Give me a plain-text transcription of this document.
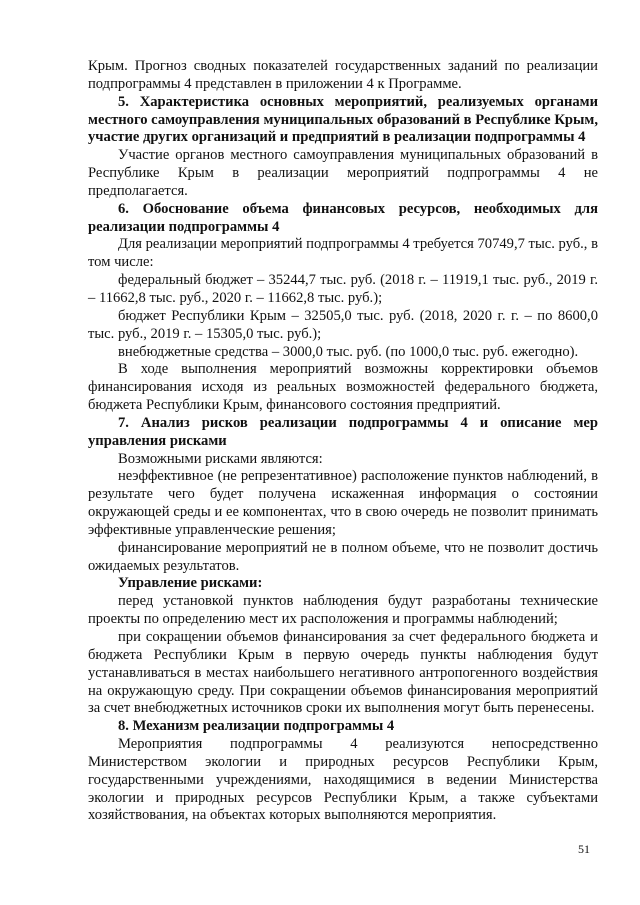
Крым. Прогноз сводных показателей государственных заданий по реализации подпрограммы 4 представлен в приложении 4 к Программе.

5. Характеристика основных мероприятий, реализуемых органами местного самоуправления муниципальных образований в Республике Крым, участие других организаций и предприятий в реализации подпрограммы 4

Участие органов местного самоуправления муниципальных образований в Республике Крым в реализации мероприятий подпрограммы 4 не предполагается.

6. Обоснование объема финансовых ресурсов, необходимых для реализации подпрограммы 4

Для реализации мероприятий подпрограммы 4 требуется 70749,7 тыс. руб., в том числе:

федеральный бюджет – 35244,7 тыс. руб. (2018 г. – 11919,1 тыс. руб., 2019 г. – 11662,8 тыс. руб., 2020 г. – 11662,8 тыс. руб.);

бюджет Республики Крым – 32505,0 тыс. руб. (2018, 2020 г. г. – по 8600,0 тыс. руб., 2019 г. – 15305,0 тыс. руб.);

внебюджетные средства – 3000,0 тыс. руб. (по 1000,0 тыс. руб. ежегодно).

В ходе выполнения мероприятий возможны корректировки объемов финансирования исходя из реальных возможностей федерального бюджета, бюджета Республики Крым, финансового состояния предприятий.

7. Анализ рисков реализации подпрограммы 4 и описание мер управления рисками

Возможными рисками являются:

неэффективное (не репрезентативное) расположение пунктов наблюдений, в результате чего будет получена искаженная информация о состоянии окружающей среды и ее компонентах, что в свою очередь не позволит принимать эффективные управленческие решения;

финансирование мероприятий не в полном объеме, что не позволит достичь ожидаемых результатов.

Управление рисками:

перед установкой пунктов наблюдения будут разработаны технические проекты по определению мест их расположения и программы наблюдений;

при сокращении объемов финансирования за счет федерального бюджета и бюджета Республики Крым в первую очередь пункты наблюдения будут устанавливаться в местах наибольшего негативного антропогенного воздействия на окружающую среду. При сокращении объемов финансирования мероприятий за счет внебюджетных источников сроки их выполнения могут быть перенесены.

8. Механизм реализации подпрограммы 4

Мероприятия подпрограммы 4 реализуются непосредственно Министерством экологии и природных ресурсов Республики Крым, государственными учреждениями, находящимися в ведении Министерства экологии и природных ресурсов Республики Крым, а также субъектами хозяйствования, на объектах которых выполняются мероприятия.

51
